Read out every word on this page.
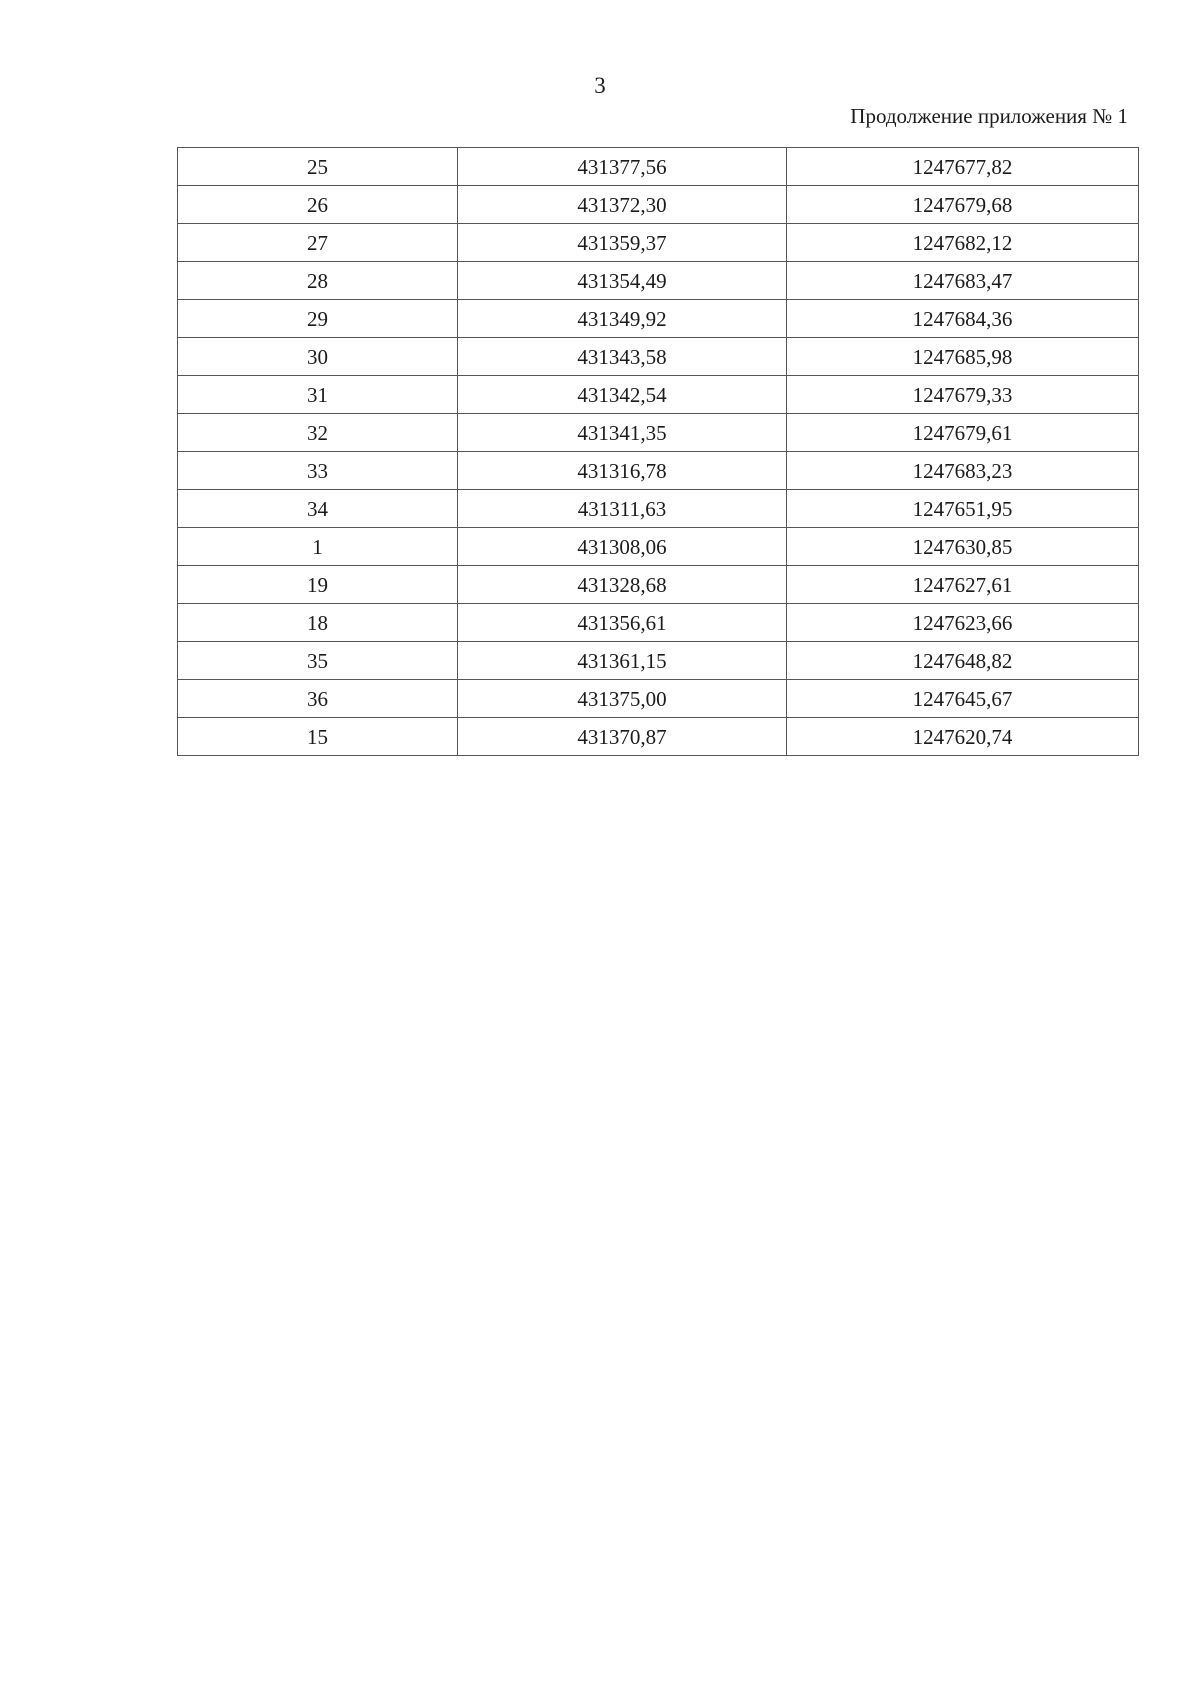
3
Продолжение приложения № 1
25	431377,56	1247677,82
26	431372,30	1247679,68
27	431359,37	1247682,12
28	431354,49	1247683,47
29	431349,92	1247684,36
30	431343,58	1247685,98
31	431342,54	1247679,33
32	431341,35	1247679,61
33	431316,78	1247683,23
34	431311,63	1247651,95
1	431308,06	1247630,85
19	431328,68	1247627,61
18	431356,61	1247623,66
35	431361,15	1247648,82
36	431375,00	1247645,67
15	431370,87	1247620,74
